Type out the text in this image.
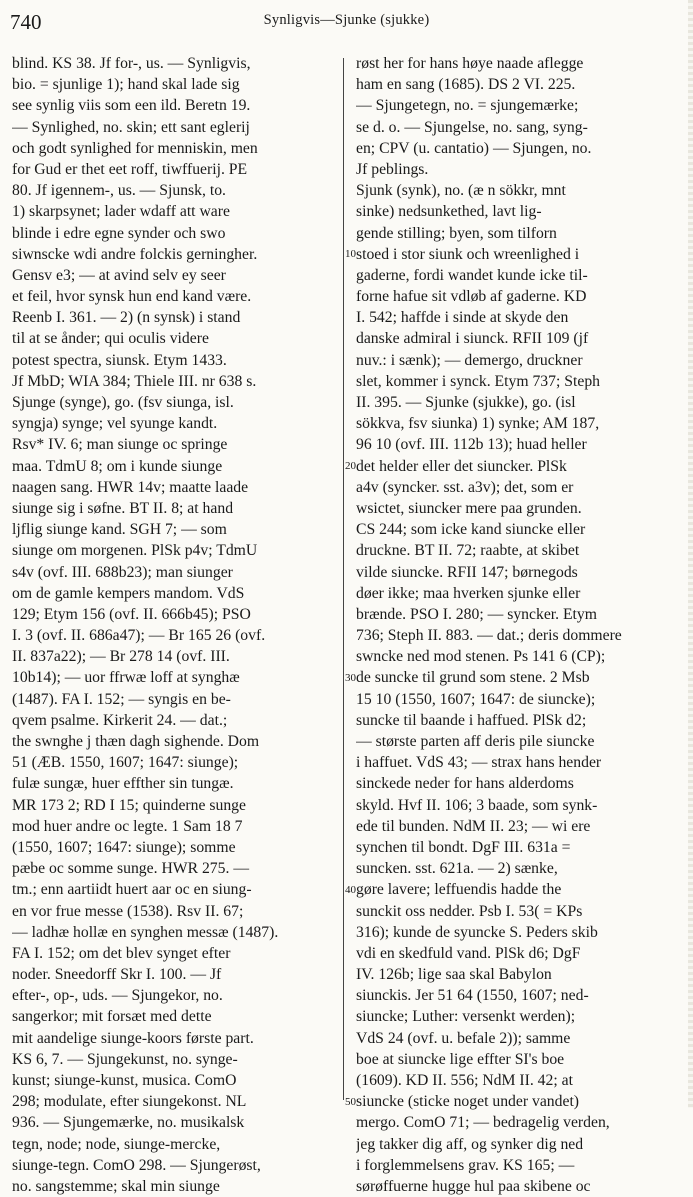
740	Synligvis—Sjunke (sjukke)
blind. KS 38. Jf for-, us. — Synligvis,
bio. = sjunlige 1); hand skal lade sig
see synlig viis som een ild. Beretn 19.
— Synlighed, no. skin; ett sant eglerij
och godt synlighed for menniskin, men
for Gud er thet eet roff, tiwffuerij. PE
80. Jf igennem-, us. — Sjunsk, to.
1) skarpsynet; lader wdaff att ware
blinde i edre egne synder och swo
siwnscke wdi andre folckis gerningher.
Gensv e3; — at avind selv ey seer
et feil, hvor synsk hun end kand være.
Reenb I. 361. — 2) (n synsk) i stand
til at se ånder; qui oculis videre
potest spectra, siunsk. Etym 1433.
Jf MbD; WIA 384; Thiele III. nr 638 s.
Sjunge (synge), go. (fsv siunga, isl.
syngja) synge; vel syunge kandt.
Rsv* IV. 6; man siunge oc springe
maa. TdmU 8; om i kunde siunge
naagen sang. HWR 14v; maatte laade
siunge sig i søfne. BT II. 8; at hand
ljflig siunge kand. SGH 7; — som
siunge om morgenen. PlSk p4v; TdmU
s4v (ovf. III. 688b23); man siunger
om de gamle kempers mandom. VdS
129; Etym 156 (ovf. II. 666b45); PSO
I. 3 (ovf. II. 686a47); — Br 165 26 (ovf.
II. 837a22); — Br 278 14 (ovf. III.
10b14); — uor ffrwæ loff at synghæ
(1487). FA I. 152; — syngis en be-
qvem psalme. Kirkerit 24. — dat.;
the swnghe j thæn dagh sighende. Dom
51 (ÆB. 1550, 1607; 1647: siunge);
fulæ sungæ, huer effther sin tungæ.
MR 173 2; RD I 15; quinderne sunge
mod huer andre oc legte. 1 Sam 18 7
(1550, 1607; 1647: siunge); somme
pæbe oc somme sunge. HWR 275. —
tm.; enn aartiidt huert aar oc en siung-
en vor frue messe (1538). Rsv II. 67;
— ladhæ hollæ en synghen messæ (1487).
FA I. 152; om det blev synget efter
noder. Sneedorff Skr I. 100. — Jf
efter-, op-, uds. — Sjungekor, no.
sangerkor; mit forsæt med dette
mit aandelige siunge-koors første part.
KS 6, 7. — Sjungekunst, no. synge-
kunst; siunge-kunst, musica. ComO
298; modulate, efter siungekonst. NL
936. — Sjungemærke, no. musikalsk
tegn, node; node, siunge-mercke,
siunge-tegn. ComO 298. — Sjungerøst,
no. sangstemme; skal min siunge
10
20
30
40
50
røst her for hans høye naade aflegge
ham en sang (1685). DS 2 VI. 225.
— Sjungetegn, no. = sjungemærke;
se d. o. — Sjungelse, no. sang, syng-
en; CPV (u. cantatio) — Sjungen, no.
Jf peblings.
Sjunk (synk), no. (æ n sökkr, mnt
sinke) nedsunkethed, lavt lig-
gende stilling; byen, som tilforn
stoed i stor siunk och wreenlighed i
gaderne, fordi wandet kunde icke til-
forne hafue sit vdløb af gaderne. KD
I. 542; haffde i sinde at skyde den
danske admiral i siunck. RFII 109 (jf
nuv.: i sænk); — demergo, druckner
slet, kommer i synck. Etym 737; Steph
II. 395. — Sjunke (sjukke), go. (isl
sökkva, fsv siunka) 1) synke; AM 187,
96 10 (ovf. III. 112b 13); huad heller
det helder eller det siuncker. PlSk
a4v (syncker. sst. a3v); det, som er
wsictet, siuncker mere paa grunden.
CS 244; som icke kand siuncke eller
druckne. BT II. 72; raabte, at skibet
vilde siuncke. RFII 147; børnegods
døer ikke; maa hverken sjunke eller
brænde. PSO I. 280; — syncker. Etym
736; Steph II. 883. — dat.; deris dommere
swncke ned mod stenen. Ps 141 6 (CP);
de suncke til grund som stene. 2 Msb
15 10 (1550, 1607; 1647: de siuncke);
suncke til baande i haffued. PlSk d2;
— største parten aff deris pile siuncke
i haffuet. VdS 43; — strax hans hender
sinckede neder for hans alderdoms
skyld. Hvf II. 106; 3 baade, som synk-
ede til bunden. NdM II. 23; — wi ere
synchen til bondt. DgF III. 631a =
suncken. sst. 621a. — 2) sænke,
gøre lavere; leffuendis hadde the
sunckit oss nedder. Psb I. 53( = KPs
316); kunde de syuncke S. Peders skib
vdi en skedfuld vand. PlSk d6; DgF
IV. 126b; lige saa skal Babylon
siunckis. Jer 51 64 (1550, 1607; ned-
siuncke; Luther: versenkt werden);
VdS 24 (ovf. u. befale 2)); samme
boe at siuncke lige effter SI's boe
(1609). KD II. 556; NdM II. 42; at
siuncke (sticke noget under vandet)
mergo. ComO 71; — bedragelig verden,
jeg takker dig aff, og synker dig ned
i forglemmelsens grav. KS 165; —
sørøffuerne hugge hul paa skibene oc
